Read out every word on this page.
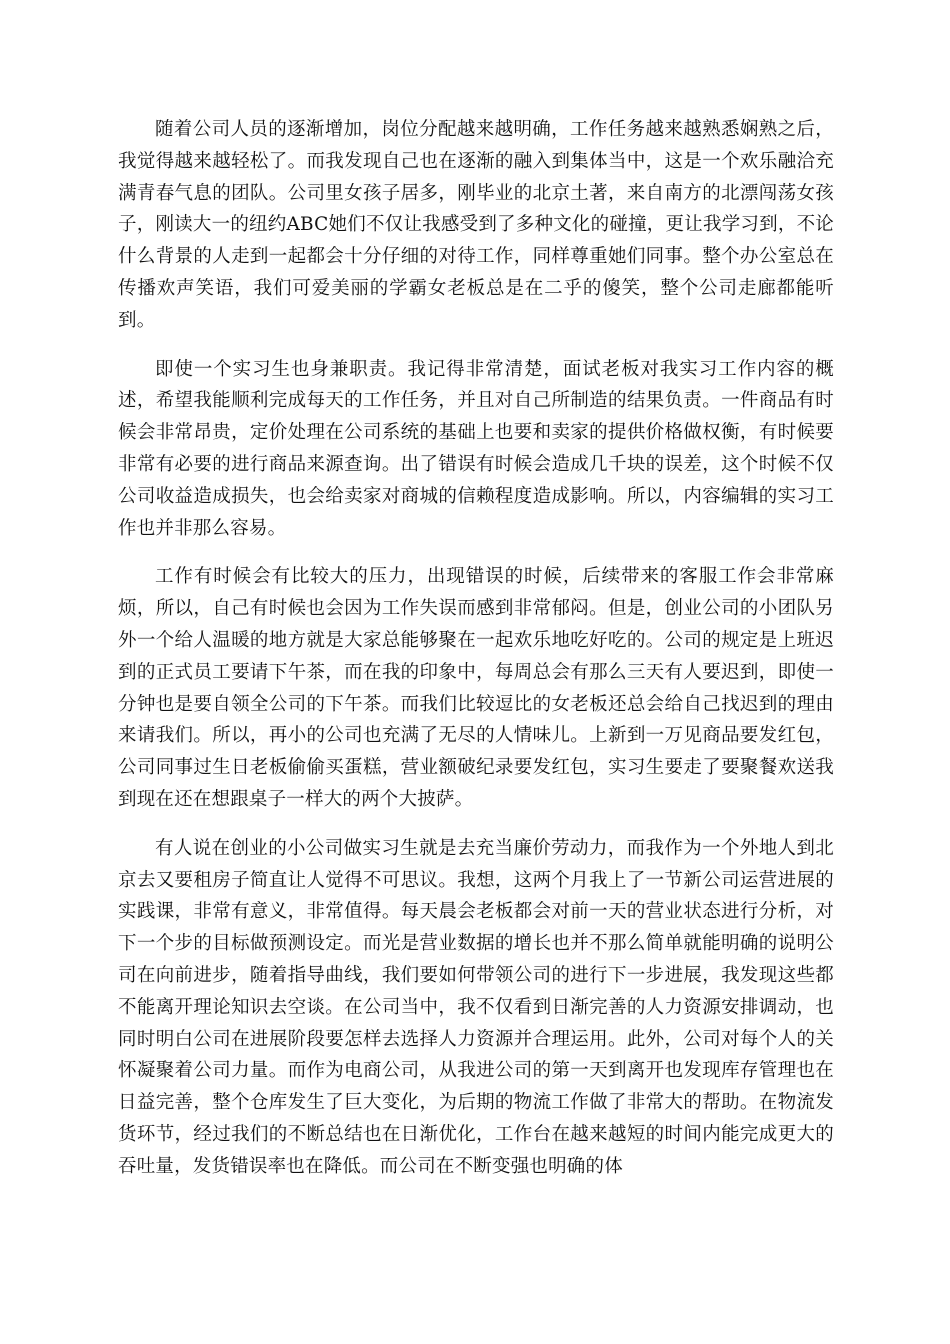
随着公司人员的逐渐增加，岗位分配越来越明确，工作任务越来越熟悉娴熟之后，我觉得越来越轻松了。而我发现自己也在逐渐的融入到集体当中，这是一个欢乐融洽充满青春气息的团队。公司里女孩子居多，刚毕业的北京土著，来自南方的北漂闯荡女孩子，刚读大一的纽约ABC她们不仅让我感受到了多种文化的碰撞，更让我学习到，不论什么背景的人走到一起都会十分仔细的对待工作，同样尊重她们同事。整个办公室总在传播欢声笑语，我们可爱美丽的学霸女老板总是在二乎的傻笑，整个公司走廊都能听到。

即使一个实习生也身兼职责。我记得非常清楚，面试老板对我实习工作内容的概述，希望我能顺利完成每天的工作任务，并且对自己所制造的结果负责。一件商品有时候会非常昂贵，定价处理在公司系统的基础上也要和卖家的提供价格做权衡，有时候要非常有必要的进行商品来源查询。出了错误有时候会造成几千块的误差，这个时候不仅公司收益造成损失，也会给卖家对商城的信赖程度造成影响。所以，内容编辑的实习工作也并非那么容易。

工作有时候会有比较大的压力，出现错误的时候，后续带来的客服工作会非常麻烦，所以，自己有时候也会因为工作失误而感到非常郁闷。但是，创业公司的小团队另外一个给人温暖的地方就是大家总能够聚在一起欢乐地吃好吃的。公司的规定是上班迟到的正式员工要请下午茶，而在我的印象中，每周总会有那么三天有人要迟到，即使一分钟也是要自领全公司的下午茶。而我们比较逗比的女老板还总会给自己找迟到的理由来请我们。所以，再小的公司也充满了无尽的人情味儿。上新到一万见商品要发红包，公司同事过生日老板偷偷买蛋糕，营业额破纪录要发红包，实习生要走了要聚餐欢送我到现在还在想跟桌子一样大的两个大披萨。

有人说在创业的小公司做实习生就是去充当廉价劳动力，而我作为一个外地人到北京去又要租房子简直让人觉得不可思议。我想，这两个月我上了一节新公司运营进展的实践课，非常有意义，非常值得。每天晨会老板都会对前一天的营业状态进行分析，对下一个步的目标做预测设定。而光是营业数据的增长也并不那么简单就能明确的说明公司在向前进步，随着指导曲线，我们要如何带领公司的进行下一步进展，我发现这些都不能离开理论知识去空谈。在公司当中，我不仅看到日渐完善的人力资源安排调动，也同时明白公司在进展阶段要怎样去选择人力资源并合理运用。此外，公司对每个人的关怀凝聚着公司力量。而作为电商公司，从我进公司的第一天到离开也发现库存管理也在日益完善，整个仓库发生了巨大变化，为后期的物流工作做了非常大的帮助。在物流发货环节，经过我们的不断总结也在日渐优化，工作台在越来越短的时间内能完成更大的吞吐量，发货错误率也在降低。而公司在不断变强也明确的体
